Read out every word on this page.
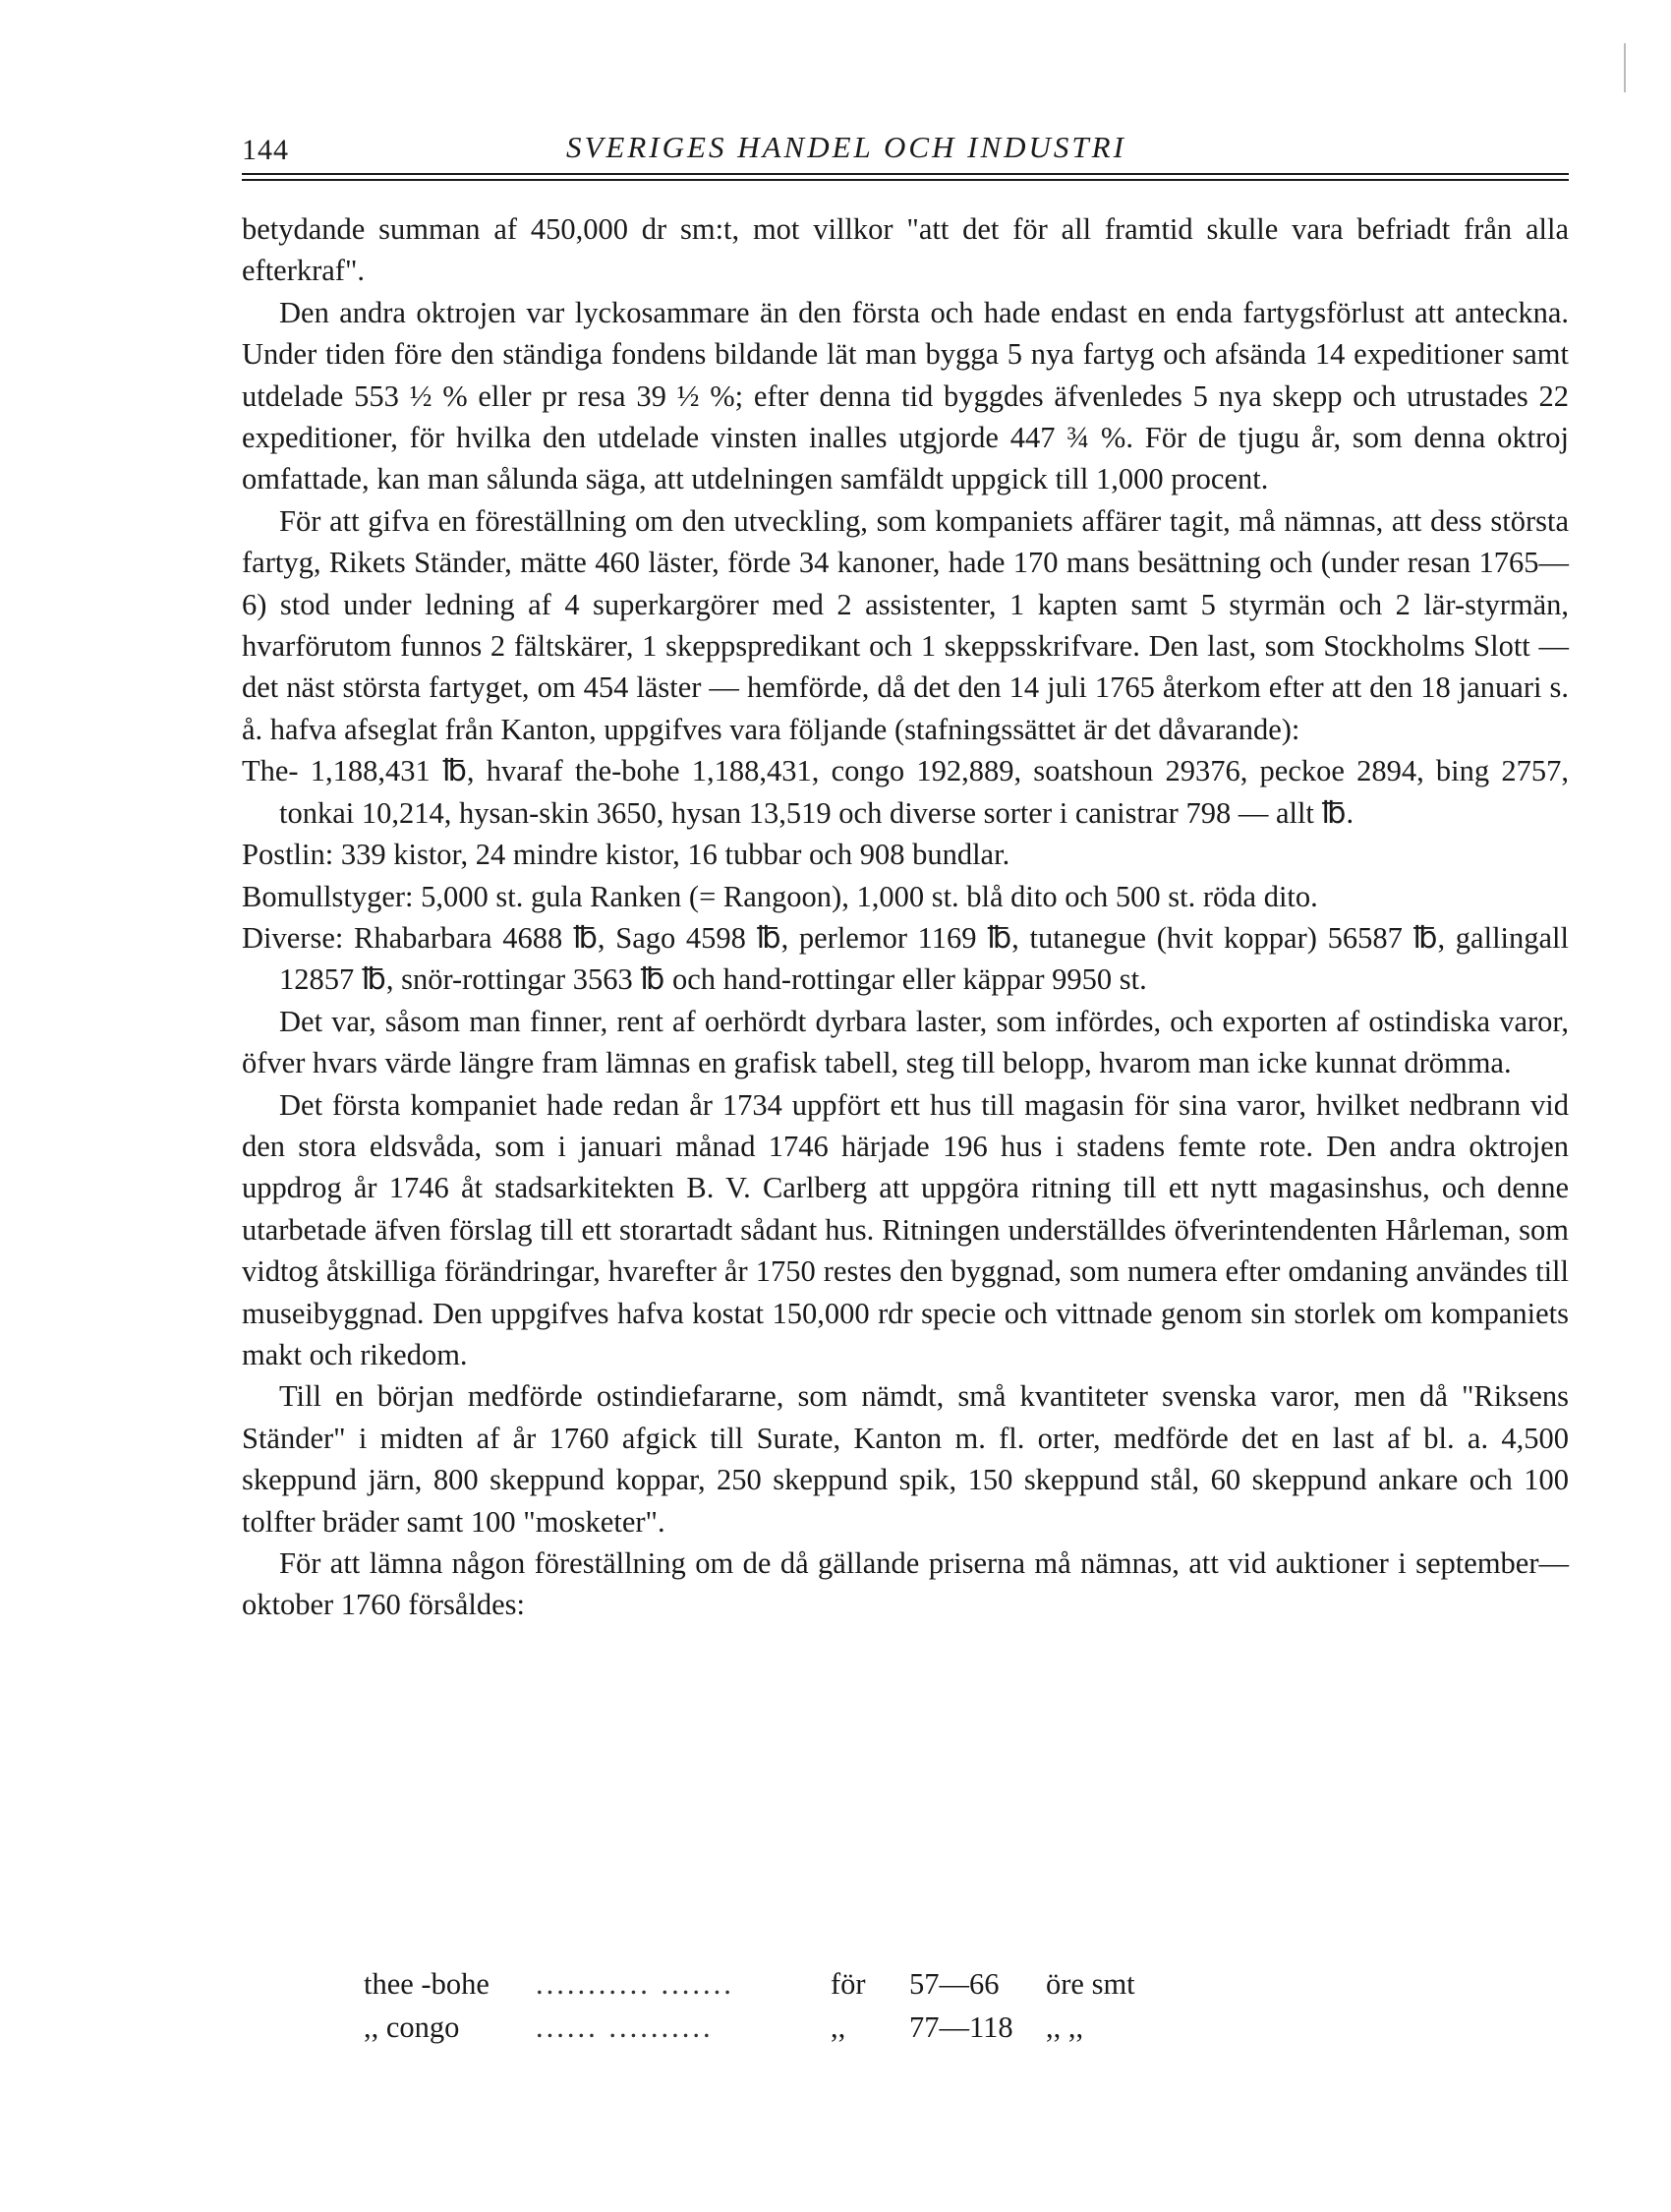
144	SVERIGES HANDEL OCH INDUSTRI

betydande summan af 450,000 dr sm:t, mot villkor "att det för all framtid skulle vara befriadt från alla efterkraf".

Den andra oktrojen var lyckosammare än den första och hade endast en enda fartygsförlust att anteckna. Under tiden före den ständiga fondens bildande lät man bygga 5 nya fartyg och afsända 14 expeditioner samt utdelade 553 ½ % eller pr resa 39 ½ %; efter denna tid byggdes äfvenledes 5 nya skepp och utrustades 22 expeditioner, för hvilka den utdelade vinsten inalles utgjorde 447 ¾ %. För de tjugu år, som denna oktroj omfattade, kan man sålunda säga, att utdelningen samfäldt uppgick till 1,000 procent.

För att gifva en föreställning om den utveckling, som kompaniets affärer tagit, må nämnas, att dess största fartyg, Rikets Ständer, mätte 460 läster, förde 34 kanoner, hade 170 mans besättning och (under resan 1765—6) stod under ledning af 4 superkargörer med 2 assistenter, 1 kapten samt 5 styrmän och 2 lär-styrmän, hvarförutom funnos 2 fältskärer, 1 skeppspredikant och 1 skeppsskrifvare. Den last, som Stockholms Slott — det näst största fartyget, om 454 läster — hemförde, då det den 14 juli 1765 återkom efter att den 18 januari s. å. hafva afseglat från Kanton, uppgifves vara följande (stafningssättet är det dåvarande):

The- 1,188,431 ℔, hvaraf the-bohe 1,188,431, congo 192,889, soatshoun 29376, peckoe 2894, bing 2757, tonkai 10,214, hysan-skin 3650, hysan 13,519 och diverse sorter i canistrar 798 — allt ℔.

Postlin: 339 kistor, 24 mindre kistor, 16 tubbar och 908 bundlar.

Bomullstyger: 5,000 st. gula Ranken (= Rangoon), 1,000 st. blå dito och 500 st. röda dito.

Diverse: Rhabarbara 4688 ℔, Sago 4598 ℔, perlemor 1169 ℔, tutanegue (hvit koppar) 56587 ℔, gallingall 12857 ℔, snör-rottingar 3563 ℔ och hand-rottingar eller käppar 9950 st.

Det var, såsom man finner, rent af oerhördt dyrbara laster, som infördes, och exporten af ostindiska varor, öfver hvars värde längre fram lämnas en grafisk tabell, steg till belopp, hvarom man icke kunnat drömma.

Det första kompaniet hade redan år 1734 uppfört ett hus till magasin för sina varor, hvilket nedbrann vid den stora eldsvåda, som i januari månad 1746 härjade 196 hus i stadens femte rote. Den andra oktrojen uppdrog år 1746 åt stadsarkitekten B. V. Carlberg att uppgöra ritning till ett nytt magasinshus, och denne utarbetade äfven förslag till ett storartadt sådant hus. Ritningen underställdes öfverintendenten Hårleman, som vidtog åtskilliga förändringar, hvarefter år 1750 restes den byggnad, som numera efter omdaning användes till museibyggnad. Den uppgifves hafva kostat 150,000 rdr specie och vittnade genom sin storlek om kompaniets makt och rikedom.

Till en början medförde ostindiefararne, som nämdt, små kvantiteter svenska varor, men då "Riksens Ständer" i midten af år 1760 afgick till Surate, Kanton m. fl. orter, medförde det en last af bl. a. 4,500 skeppund järn, 800 skeppund koppar, 250 skeppund spik, 150 skeppund stål, 60 skeppund ankare och 100 tolfter bräder samt 100 "mosketer".

För att lämna någon föreställning om de då gällande priserna må nämnas, att vid auktioner i september—oktober 1760 försåldes:

thee -bohe ........... .......	för 57—66 öre smt
,, congo	...... ..........	,, 77—118 ,, ,,
